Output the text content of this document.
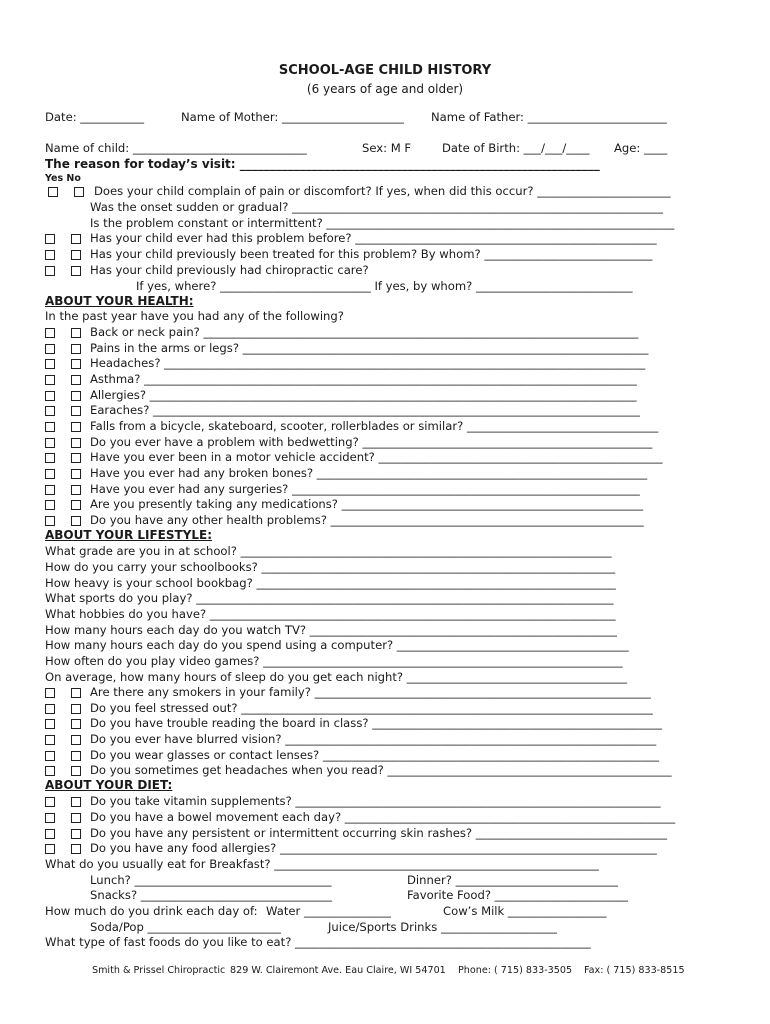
SCHOOL-AGE CHILD HISTORY
(6 years of age and older)
Date: ___________	Name of Mother: _____________________ Name of Father: ________________________
Name of child: ______________________________	Sex: M F	Date of Birth: ___/___/____ Age: ____
The reason for today’s visit: ____________________________________________________________
Yes No
Does your child complain of pain or discomfort? If yes, when did this occur? _______________________
Was the onset sudden or gradual? ________________________________________________________________
Is the problem constant or intermittent? ____________________________________________________________
Has your child ever had this problem before? ____________________________________________________
Has your child previously been treated for this problem? By whom? _____________________________
Has your child previously had chiropractic care?
If yes, where? __________________________ If yes, by whom? ___________________________
ABOUT YOUR HEALTH:
In the past year have you had any of the following?
Back or neck pain? ___________________________________________________________________________
Pains in the arms or legs? ______________________________________________________________________
Headaches? ___________________________________________________________________________________
Asthma? _____________________________________________________________________________________
Allergies? ____________________________________________________________________________________
Earaches? ____________________________________________________________________________________
Falls from a bicycle, skateboard, scooter, rollerblades or similar? _________________________________
Do you ever have a problem with bedwetting? __________________________________________________
Have you ever been in a motor vehicle accident? _________________________________________________
Have you ever had any broken bones? _________________________________________________________
Have you ever had any surgeries? ____________________________________________________________
Are you presently taking any medications? ____________________________________________________
Do you have any other health problems? ______________________________________________________
ABOUT YOUR LIFESTYLE:
What grade are you in at school? ________________________________________________________________
How do you carry your schoolbooks? _____________________________________________________________
How heavy is your school bookbag? ______________________________________________________________
What sports do you play? ________________________________________________________________________
What hobbies do you have? ______________________________________________________________________
How many hours each day do you watch TV? _____________________________________________________
How many hours each day do you spend using a computer? ________________________________________
How often do you play video games? ______________________________________________________________
On average, how many hours of sleep do you get each night? ______________________________________
Are there any smokers in your family? __________________________________________________________
Do you feel stressed out? _______________________________________________________________________
Do you have trouble reading the board in class? __________________________________________________
Do you ever have blurred vision? ________________________________________________________________
Do you wear glasses or contact lenses? __________________________________________________________
Do you sometimes get headaches when you read? _________________________________________________
ABOUT YOUR DIET:
Do you take vitamin supplements? _______________________________________________________________
Do you have a bowel movement each day? _________________________________________________________
Do you have any persistent or intermittent occurring skin rashes? _________________________________
Do you have any food allergies? _________________________________________________________________
What do you usually eat for Breakfast? ________________________________________________________
Lunch? __________________________________	Dinner? ____________________________
Snacks? _________________________________	Favorite Food? _______________________
How much do you drink each day of: Water _______________	Cow’s Milk _________________
Soda/Pop _______________________	Juice/Sports Drinks ____________________
What type of fast foods do you like to eat? ___________________________________________________
Smith & Prissel Chiropractic 829 W. Clairemont Ave. Eau Claire, WI 54701 Phone: ( 715) 833-3505 Fax: ( 715) 833-8515
